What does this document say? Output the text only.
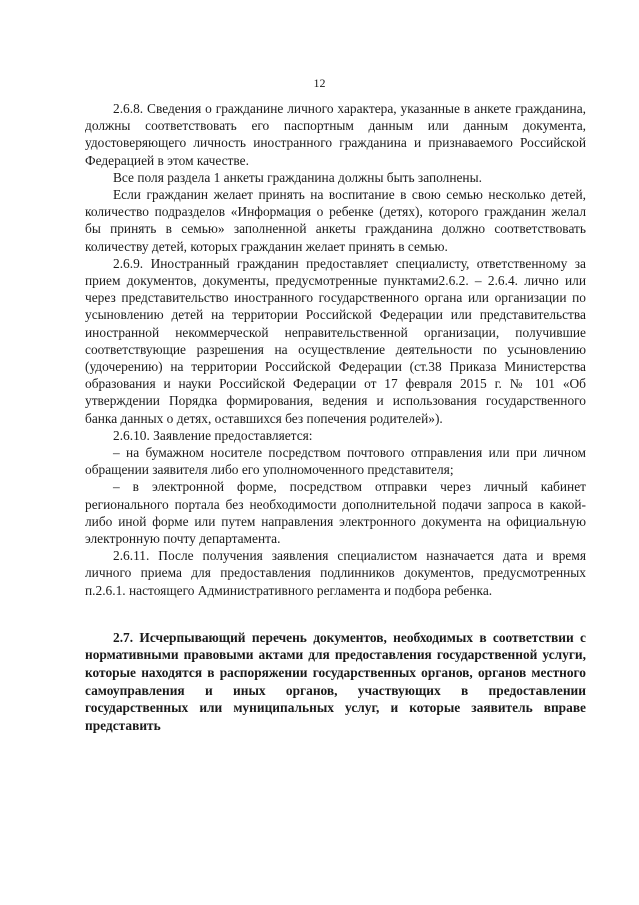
12

2.6.8. Сведения о гражданине личного характера, указанные в анкете гражданина, должны соответствовать его паспортным данным или данным документа, удостоверяющего личность иностранного гражданина и признаваемого Российской Федерацией в этом качестве.

Все поля раздела 1 анкеты гражданина должны быть заполнены.

Если гражданин желает принять на воспитание в свою семью несколько детей, количество подразделов «Информация о ребенке (детях), которого гражданин желал бы принять в семью» заполненной анкеты гражданина должно соответствовать количеству детей, которых гражданин желает принять в семью.

2.6.9. Иностранный гражданин предоставляет специалисту, ответственному за прием документов, документы, предусмотренные пунктами2.6.2. – 2.6.4. лично или через представительство иностранного государственного органа или организации по усыновлению детей на территории Российской Федерации или представительства иностранной некоммерческой неправительственной организации, получившие соответствующие разрешения на осуществление деятельности по усыновлению (удочерению) на территории Российской Федерации (ст.38 Приказа Министерства образования и науки Российской Федерации от 17 февраля 2015 г. № 101 «Об утверждении Порядка формирования, ведения и использования государственного банка данных о детях, оставшихся без попечения родителей»).

2.6.10. Заявление предоставляется:

– на бумажном носителе посредством почтового отправления или при личном обращении заявителя либо его уполномоченного представителя;

– в электронной форме, посредством отправки через личный кабинет регионального портала без необходимости дополнительной подачи запроса в какой-либо иной форме или путем направления электронного документа на официальную электронную почту департамента.

2.6.11. После получения заявления специалистом назначается дата и время личного приема для предоставления подлинников документов, предусмотренных п.2.6.1. настоящего Административного регламента и подбора ребенка.

2.7. Исчерпывающий перечень документов, необходимых в соответствии с нормативными правовыми актами для предоставления государственной услуги, которые находятся в распоряжении государственных органов, органов местного самоуправления и иных органов, участвующих в предоставлении государственных или муниципальных услуг, и которые заявитель вправе представить
